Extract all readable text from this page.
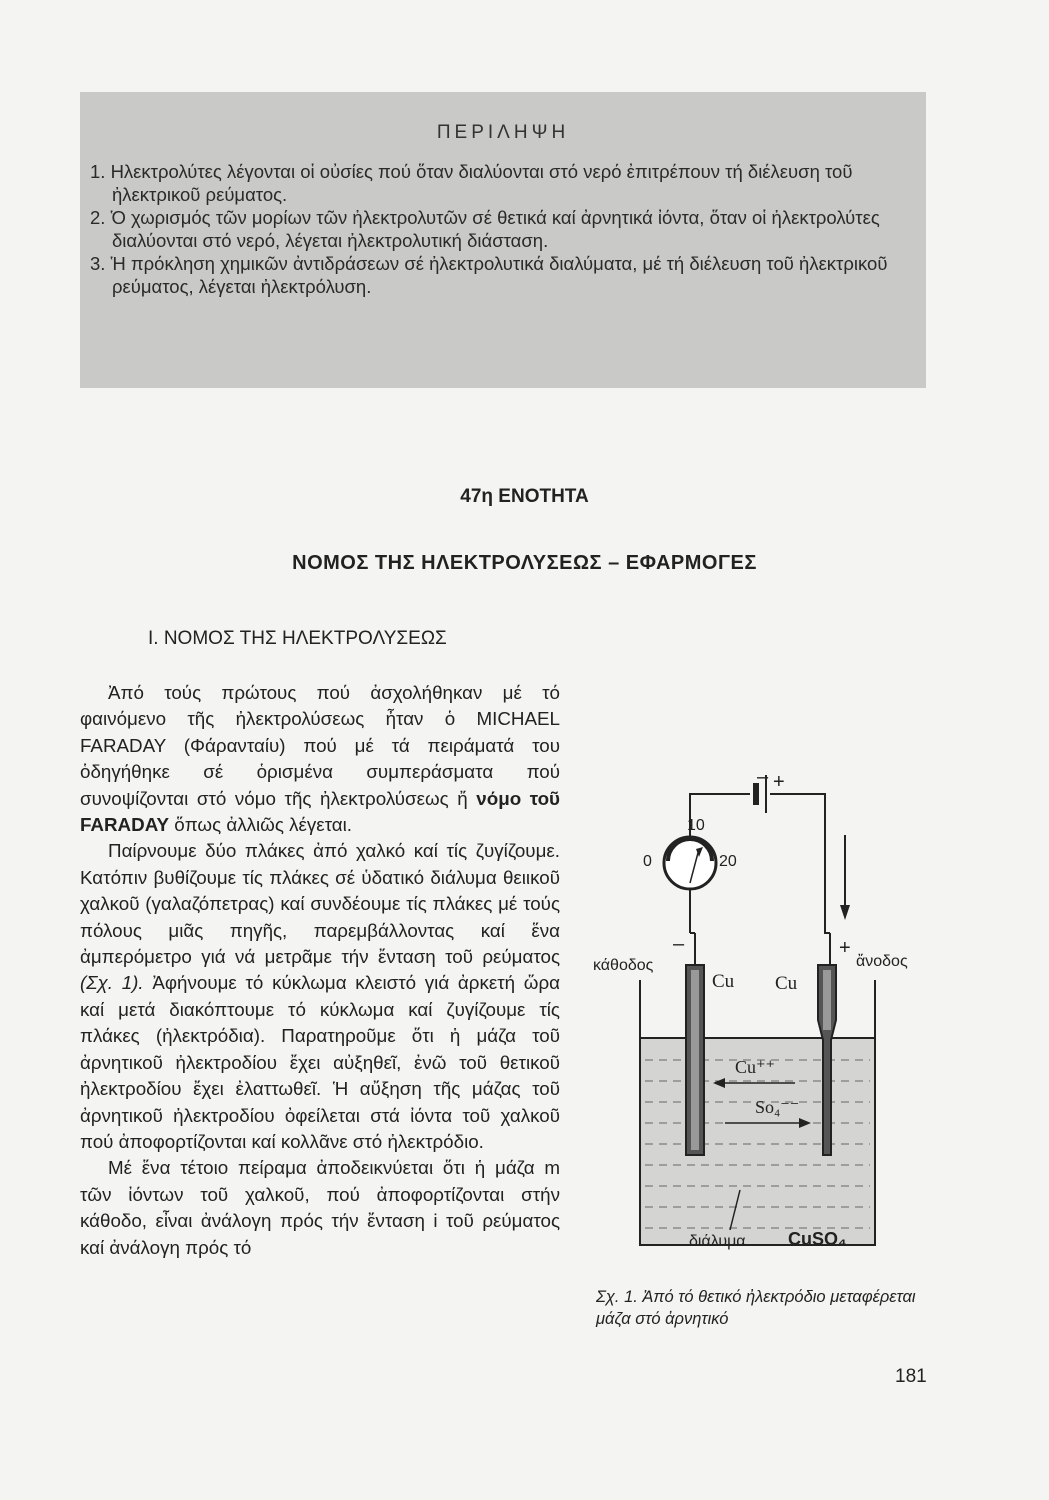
ΠΕΡΙΛΗΨΗ
1. Ηλεκτρολύτες λέγονται οἱ οὐσίες πού ὅταν διαλύονται στό νερό ἐπιτρέπουν τή διέλευση τοῦ ἠλεκτρικοῦ ρεύματος.
2. Ὁ χωρισμός τῶν μορίων τῶν ἠλεκτρολυτῶν σέ θετικά καί ἀρνητικά ἰόντα, ὅταν οἱ ἠλεκτρολύτες διαλύονται στό νερό, λέγεται ἠλεκτρολυτική διάσταση.
3. Ἡ πρόκληση χημικῶν ἀντιδράσεων σέ ἠλεκτρολυτικά διαλύματα, μέ τή διέλευση τοῦ ἠλεκτρικοῦ ρεύματος, λέγεται ἠλεκτρόλυση.
47η ΕΝΟΤΗΤΑ
ΝΟΜΟΣ ΤΗΣ ΗΛΕΚΤΡΟΛΥΣΕΩΣ – ΕΦΑΡΜΟΓΕΣ
Ι. ΝΟΜΟΣ ΤΗΣ ΗΛΕΚΤΡΟΛΥΣΕΩΣ

Ἀπό τούς πρώτους πού ἀσχολήθηκαν μέ τό φαινόμενο τῆς ἠλεκτρολύσεως ἦταν ὁ ΜΙCHAEL FARADAY (Φάρανταίυ) πού μέ τά πειράματά του ὁδηγήθηκε σέ ὁρισμένα συμπεράσματα πού συνοψίζονται στό νόμο τῆς ἠλεκτρολύσεως ἤ νόμο τοῦ FARADAY ὅπως ἀλλιῶς λέγεται.

Παίρνουμε δύο πλάκες ἀπό χαλκό καί τίς ζυγίζουμε. Κατόπιν βυθίζουμε τίς πλάκες σέ ὑδατικό διάλυμα θειικοῦ χαλκοῦ (γαλαζόπετρας) καί συνδέουμε τίς πλάκες μέ τούς πόλους μιᾶς πηγῆς, παρεμβάλλοντας καί ἕνα ἀμπερόμετρο γιά νά μετρᾶμε τήν ἔνταση τοῦ ρεύματος (Σχ. 1). Ἀφήνουμε τό κύκλωμα κλειστό γιά ἀρκετή ὥρα καί μετά διακόπτουμε τό κύκλωμα καί ζυγίζουμε τίς πλάκες (ἠλεκτρόδια). Παρατηροῦμε ὅτι ἡ μάζα τοῦ ἀρνητικοῦ ἠλεκτροδίου ἔχει αὐξηθεῖ, ἐνῶ τοῦ θετικοῦ ἠλεκτροδίου ἔχει ἐλαττωθεῖ. Ἡ αὔξηση τῆς μάζας τοῦ ἀρνητικοῦ ἠλεκτροδίου ὀφείλεται στά ἰόντα τοῦ χαλκοῦ πού ἀποφορτίζονται καί κολλᾶνε στό ἠλεκτρόδιο.

Μέ ἕνα τέτοιο πείραμα ἀποδεικνύεται ὅτι ἡ μάζα m τῶν ἰόντων τοῦ χαλκοῦ, πού ἀποφορτίζονται στήν κάθοδο, εἶναι ἀνάλογη πρός τήν ἔνταση i τοῦ ρεύματος καί ἀνάλογη πρός τό

– +
10
0	20
–
κάθοδος
+
ἄνοδος
Cu Cu
Cu⁺⁺
So₄⁻⁻
διάλυμα CuSO₄
Σχ. 1. Ἀπό τό θετικό ἠλεκτρόδιο μεταφέρεται μάζα στό ἀρνητικό
181
